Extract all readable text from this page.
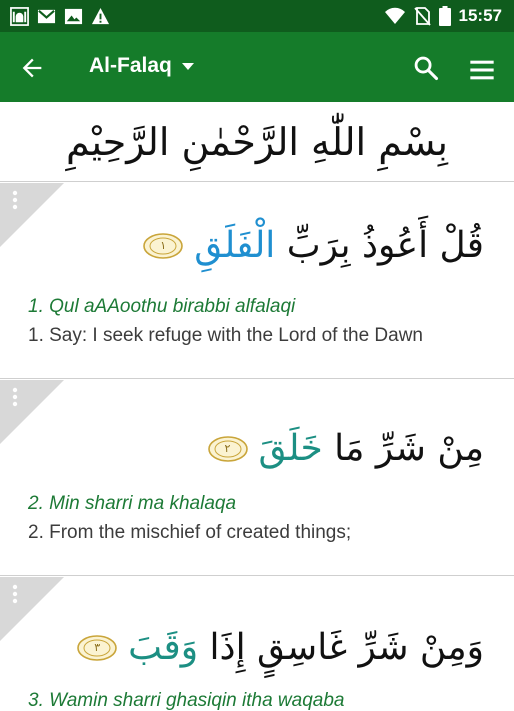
15:57
Al-Falaq
بِسْمِ اللّٰهِ الرَّحْمٰنِ الرَّحِيْمِ
قُلْ أَعُوذُ بِرَبِّ الْفَلَقِ
١
1. Qul aAAoothu birabbi alfalaqi
1. Say: I seek refuge with the Lord of the Dawn
مِنْ شَرِّ مَا خَلَقَ
٢
2. Min sharri ma khalaqa
2. From the mischief of created things;
وَمِنْ شَرِّ غَاسِقٍ إِذَا وَقَبَ
٣
3. Wamin sharri ghasiqin itha waqaba
